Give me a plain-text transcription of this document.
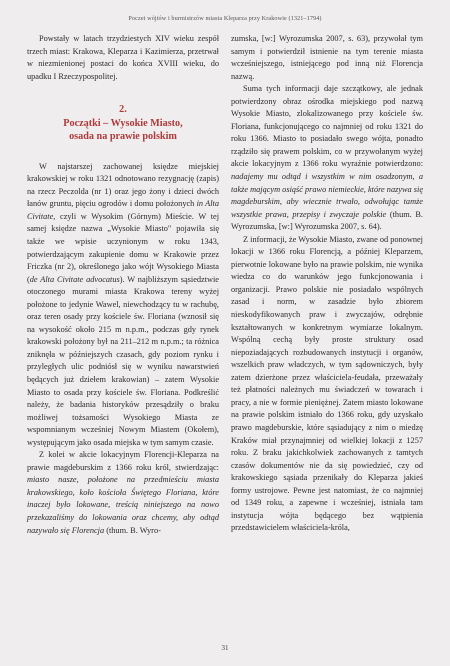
Poczet wójtów i burmistrzów miasta Kleparza przy Krakowie (1321–1794)

Powstały w latach trzydziestych XIV wieku zespół trzech miast: Krakowa, Kleparza i Kazimierza, przetrwał w niezmienionej postaci do końca XVIII wieku, do upadku I Rzeczypospolitej.

2.
Początki – Wysokie Miasto,
osada na prawie polskim

W najstarszej zachowanej księdze miejskiej krakowskiej w roku 1321 odnotowano rezygnację (zapis) na rzecz Peczolda (nr 1) oraz jego żony i dzieci dwóch łanów gruntu, pięciu ogrodów i domu położonych in Alta Civitate, czyli w Wysokim (Górnym) Mieście. W tej samej księdze nazwa „Wysokie Miasto" pojawiła się także we wpisie uczynionym w roku 1343, potwierdzającym zakupienie domu w Krakowie przez Friczka (nr 2), określonego jako wójt Wysokiego Miasta (de Alta Civitate advocatus). W najbliższym sąsiedztwie otoczonego murami miasta Krakowa tereny wyżej położone to jedynie Wawel, niewchodzący tu w rachubę, oraz teren osady przy kościele św. Floriana (wznosił się na wysokość około 215 m n.p.m., podczas gdy rynek krakowski położony był na 211–212 m n.p.m.; ta różnica zniknęła w późniejszych czasach, gdy poziom rynku i przyległych ulic podniósł się w wyniku nawarstwień będących już dziełem krakowian) – zatem Wysokie Miasto to osada przy kościele św. Floriana. Podkreślić należy, że badania historyków przesądziły o braku możliwej tożsamości Wysokiego Miasta ze wspomnianym wcześniej Nowym Miastem (Okołem), występującym jako osada miejska w tym samym czasie.

Z kolei w akcie lokacyjnym Florencji-Kleparza na prawie magdeburskim z 1366 roku król, stwierdzając: miasto nasze, położone na przedmieściu miasta krakowskiego, koło kościoła Świętego Floriana, które inaczej było lokowane, treścią niniejszego na nowo przekazaliśmy do lokowania oraz chcemy, aby odtąd nazywało się Florencja (thum. B. Wyro-

zumska, [w:] Wyrozumska 2007, s. 63), przywołał tym samym i potwierdził istnienie na tym terenie miasta wcześniejszego, istniejącego pod inną niż Florencja nazwą.

Suma tych informacji daje szczątkowy, ale jednak potwierdzony obraz ośrodka miejskiego pod nazwą Wysokie Miasto, zlokalizowanego przy kościele św. Floriana, funkcjonującego co najmniej od roku 1321 do roku 1366. Miasto to posiadało swego wójta, ponadto rządziło się prawem polskim, co w przywołanym wyżej akcie lokacyjnym z 1366 roku wyraźnie potwierdzono: nadajemy mu odtąd i wszystkim w nim osadzonym, a także mającym osiąść prawo niemieckie, które nazywa się magdeburskim, aby wiecznie trwało, odwołując tamże wszystkie prawa, przepisy i zwyczaje polskie (thum. B. Wyrozumska, [w:] Wyrozumska 2007, s. 64).

Z informacji, że Wysokie Miasto, zwane od ponownej lokacji w 1366 roku Florencją, a później Kleparzem, pierwotnie lokowane było na prawie polskim, nie wynika wiedza co do warunków jego funkcjonowania i organizacji. Prawo polskie nie posiadało wspólnych zasad i norm, w zasadzie było zbiorem nieskodyfikowanych praw i zwyczajów, odrębnie kształtowanych w konkretnym wymiarze lokalnym. Wspólną cechą były proste struktury osad niepoziadających rozbudowanych instytucji i organów, wszelkich praw władczych, w tym sądowniczych, były zatem dzierżone przez właściciela-feudała, przeważały też płatności należnych mu świadczeń w towarach i pracy, a nie w formie pieniężnej. Zatem miasto lokowane na prawie polskim istniało do 1366 roku, gdy uzyskało prawo magdeburskie, które sąsiadujący z nim o miedzę Kraków miał przynajmniej od wielkiej lokacji z 1257 roku. Z braku jakichkolwiek zachowanych z tamtych czasów dokumentów nie da się powiedzieć, czy od krakowskiego sąsiada przenikały do Kleparza jakieś formy ustrojowe. Pewne jest natomiast, że co najmniej od 1349 roku, a zapewne i wcześniej, istniała tam instytucja wójta będącego bez wątpienia przedstawicielem właściciela-króla,

31
